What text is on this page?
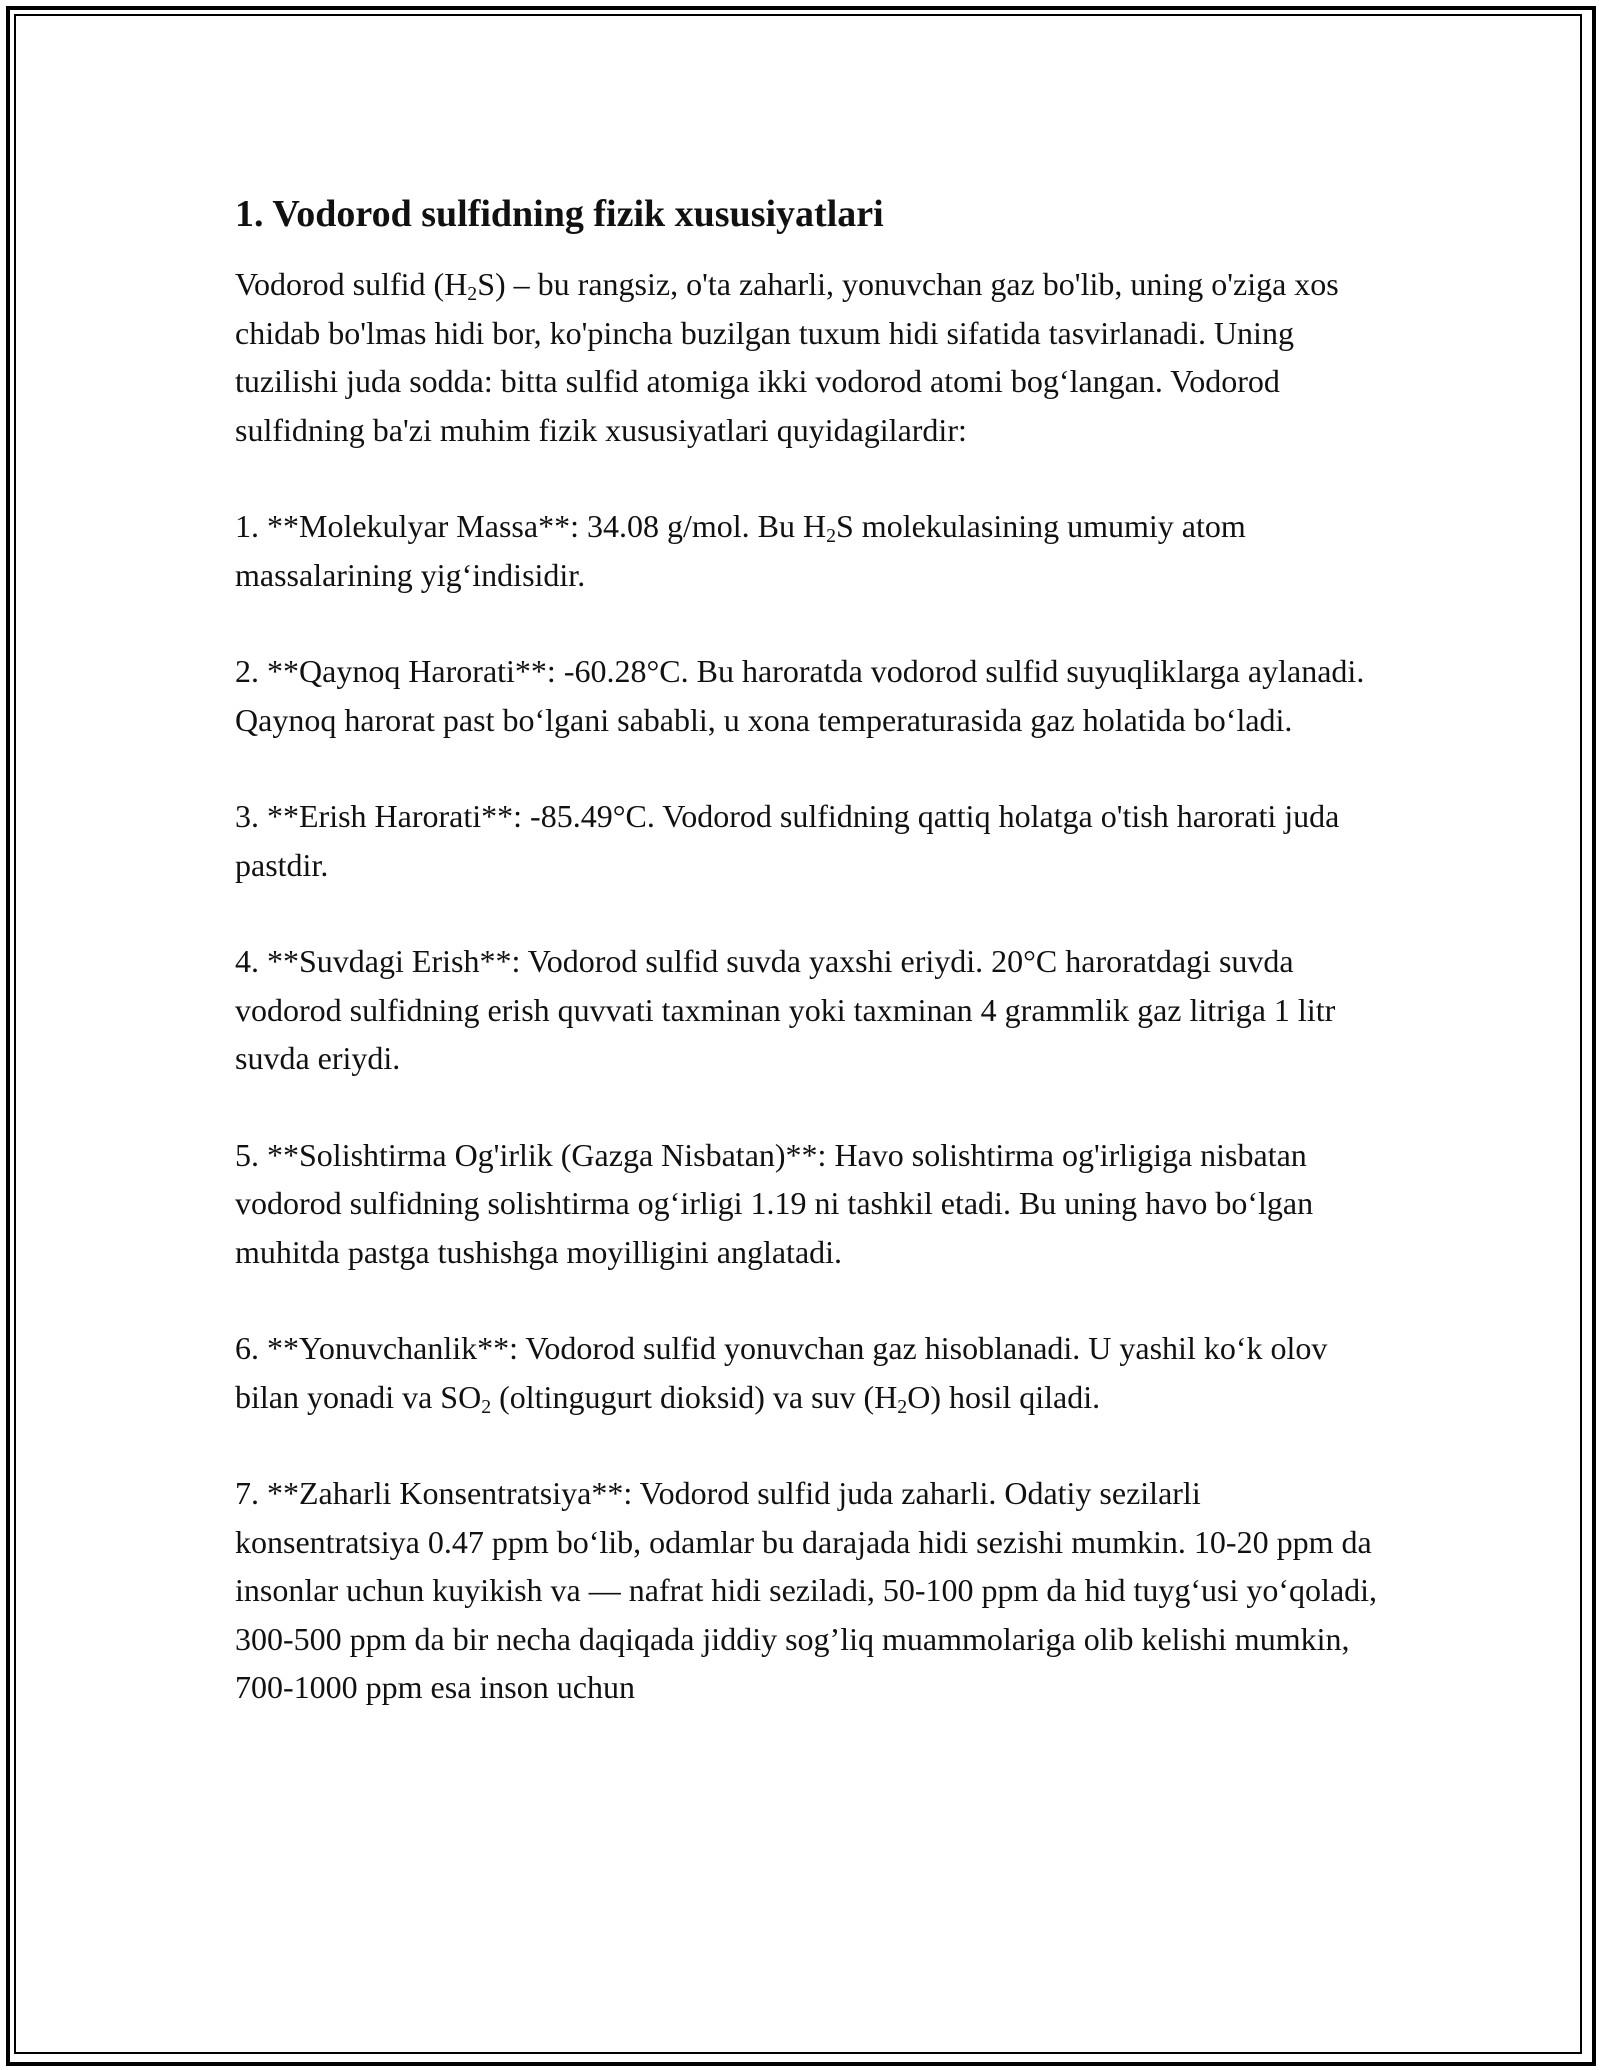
1. Vodorod sulfidning fizik xususiyatlari

Vodorod sulfid $(H_2S)$ – bu rangsiz, o'ta zaharli, yonuvchan gaz bo'lib, uning o'ziga xos chidab bo'lmas hidi bor, ko'pincha buzilgan tuxum hidi sifatida tasvirlanadi. Uning tuzilishi juda sodda: bitta sulfid atomiga ikki vodorod atomi bog‘langan. Vodorod sulfidning ba'zi muhim fizik xususiyatlari quyidagilardir:

1. **Molekulyar Massa**: 34.08 g/mol. Bu $H_2S$ molekulasining umumiy atom massalarining yig‘indisidir.

2. **Qaynoq Harorati**: -60.28°C. Bu haroratda vodorod sulfid suyuqliklarga aylanadi. Qaynoq harorat past bo‘lgani sababli, u xona temperaturasida gaz holatida bo‘ladi.

3. **Erish Harorati**: -85.49°C. Vodorod sulfidning qattiq holatga o'tish harorati juda pastdir.

4. **Suvdagi Erish**: Vodorod sulfid suvda yaxshi eriydi. 20°C haroratdagi suvda vodorod sulfidning erish quvvati taxminan yoki taxminan 4 grammlik gaz litriga 1 litr suvda eriydi.

5. **Solishtirma Og'irlik (Gazga Nisbatan)**: Havo solishtirma og'irligiga nisbatan vodorod sulfidning solishtirma og‘irligi 1.19 ni tashkil etadi. Bu uning havo bo‘lgan muhitda pastga tushishga moyilligini anglatadi.

6. **Yonuvchanlik**: Vodorod sulfid yonuvchan gaz hisoblanadi. U yashil ko‘k olov bilan yonadi va $SO_2$ (oltingugurt dioksid) va suv $(H_2O)$ hosil qiladi.

7. **Zaharli Konsentratsiya**: Vodorod sulfid juda zaharli. Odatiy sezilarli konsentratsiya 0.47 ppm bo‘lib, odamlar bu darajada hidi sezishi mumkin. 10-20 ppm da insonlar uchun kuyikish va — nafrat hidi seziladi, 50-100 ppm da hid tuyg‘usi yo‘qoladi, 300-500 ppm da bir necha daqiqada jiddiy sog’liq muammolariga olib kelishi mumkin, 700-1000 ppm esa inson uchun
